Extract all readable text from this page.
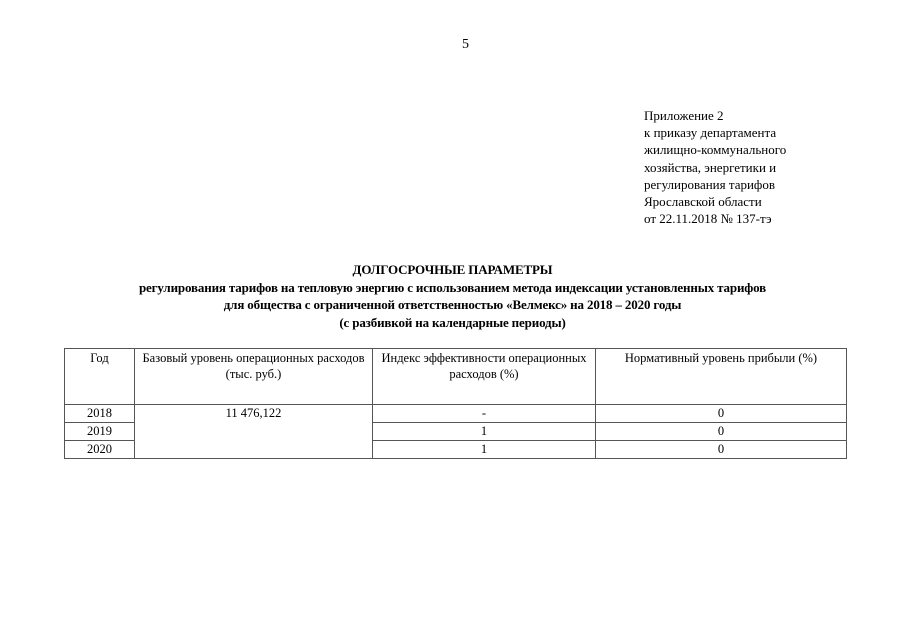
5
Приложение 2
к приказу департамента
жилищно-коммунального
хозяйства, энергетики и
регулирования тарифов
Ярославской области
от 22.11.2018 № 137-тэ
ДОЛГОСРОЧНЫЕ ПАРАМЕТРЫ
регулирования тарифов на тепловую энергию с использованием метода индексации установленных тарифов
для общества с ограниченной ответственностью «Велмекс» на 2018 – 2020 годы
(с разбивкой на календарные периоды)
Год	Базовый уровень операционных расходов (тыс. руб.)	Индекс эффективности операционных расходов (%)	Нормативный уровень прибыли (%)
2018	11 476,122	-	0
2019		1	0
2020		1	0
